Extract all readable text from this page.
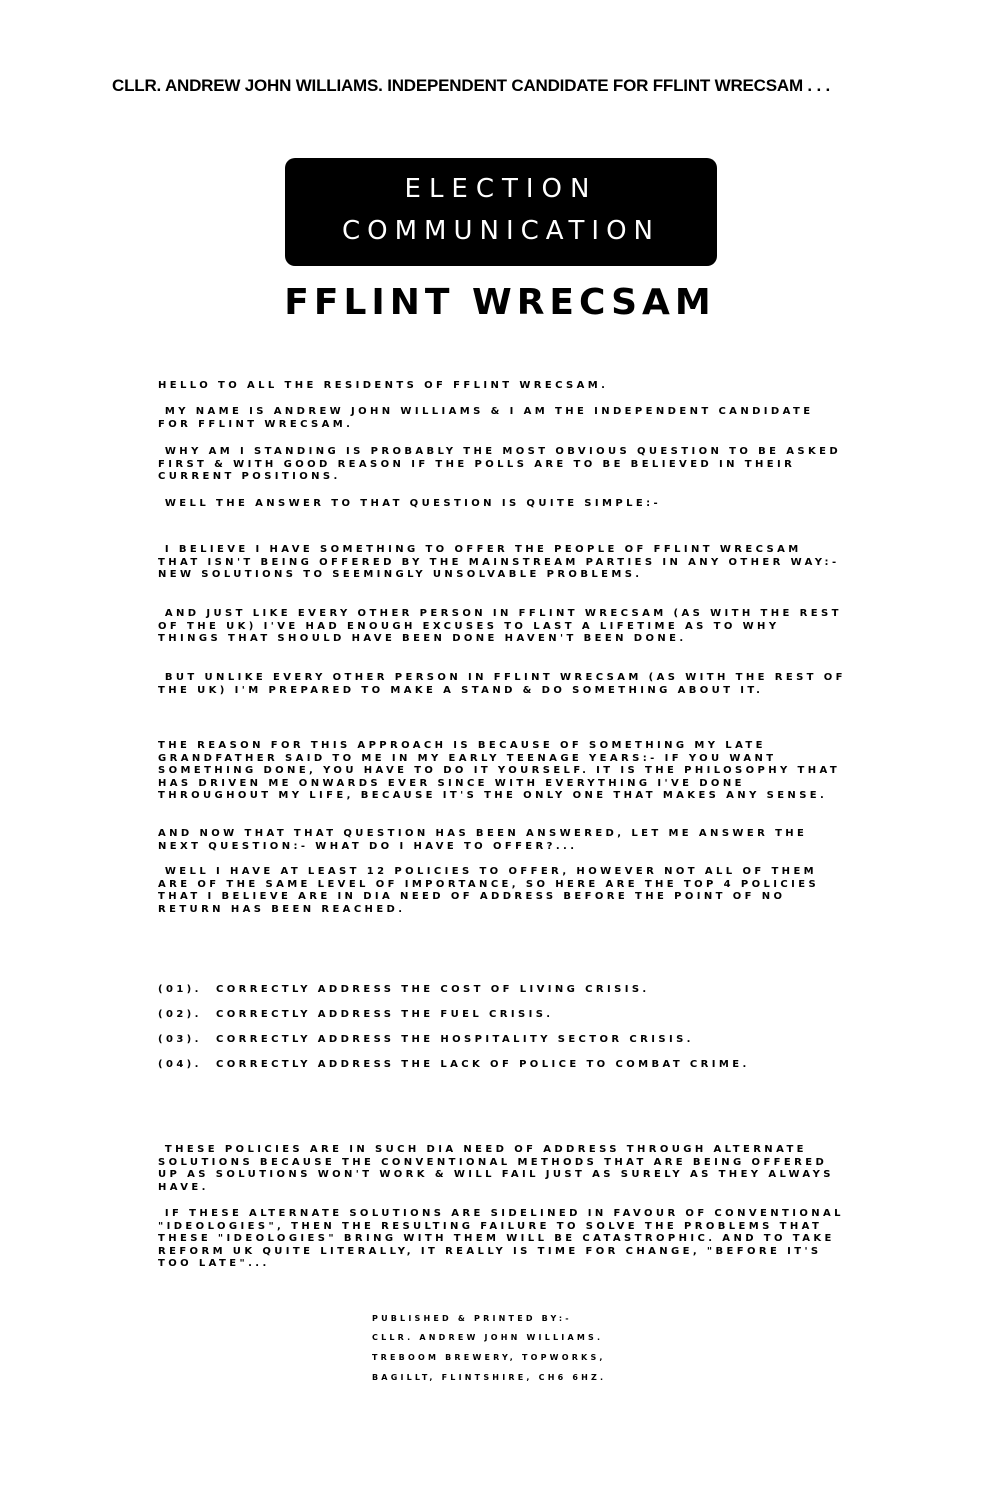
CLLR. ANDREW JOHN WILLIAMS. INDEPENDENT CANDIDATE FOR FFLINT WRECSAM . . .
ELECTION
COMMUNICATION
FFLINT WRECSAM
HELLO TO ALL THE RESIDENTS OF FFLINT WRECSAM.
MY NAME IS ANDREW JOHN WILLIAMS & I AM THE INDEPENDENT CANDIDATE FOR FFLINT WRECSAM.
WHY AM I STANDING IS PROBABLY THE MOST OBVIOUS QUESTION TO BE ASKED FIRST & WITH GOOD REASON IF THE POLLS ARE TO BE BELIEVED IN THEIR CURRENT POSITIONS.
WELL THE ANSWER TO THAT QUESTION IS QUITE SIMPLE:-
I BELIEVE I HAVE SOMETHING TO OFFER THE PEOPLE OF FFLINT WRECSAM THAT ISN'T BEING OFFERED BY THE MAINSTREAM PARTIES IN ANY OTHER WAY:- NEW SOLUTIONS TO SEEMINGLY UNSOLVABLE PROBLEMS.
AND JUST LIKE EVERY OTHER PERSON IN FFLINT WRECSAM (AS WITH THE REST OF THE UK) I'VE HAD ENOUGH EXCUSES TO LAST A LIFETIME AS TO WHY THINGS THAT SHOULD HAVE BEEN DONE HAVEN'T BEEN DONE.
BUT UNLIKE EVERY OTHER PERSON IN FFLINT WRECSAM (AS WITH THE REST OF THE UK) I'M PREPARED TO MAKE A STAND & DO SOMETHING ABOUT IT.
THE REASON FOR THIS APPROACH IS BECAUSE OF SOMETHING MY LATE GRANDFATHER SAID TO ME IN MY EARLY TEENAGE YEARS:- IF YOU WANT SOMETHING DONE, YOU HAVE TO DO IT YOURSELF. IT IS THE PHILOSOPHY THAT HAS DRIVEN ME ONWARDS EVER SINCE WITH EVERYTHING I'VE DONE THROUGHOUT MY LIFE, BECAUSE IT'S THE ONLY ONE THAT MAKES ANY SENSE.
AND NOW THAT THAT QUESTION HAS BEEN ANSWERED, LET ME ANSWER THE NEXT QUESTION:- WHAT DO I HAVE TO OFFER?...
WELL I HAVE AT LEAST 12 POLICIES TO OFFER, HOWEVER NOT ALL OF THEM ARE OF THE SAME LEVEL OF IMPORTANCE, SO HERE ARE THE TOP 4 POLICIES THAT I BELIEVE ARE IN DIA NEED OF ADDRESS BEFORE THE POINT OF NO RETURN HAS BEEN REACHED.
(01). CORRECTLY ADDRESS THE COST OF LIVING CRISIS.
(02). CORRECTLY ADDRESS THE FUEL CRISIS.
(03). CORRECTLY ADDRESS THE HOSPITALITY SECTOR CRISIS.
(04). CORRECTLY ADDRESS THE LACK OF POLICE TO COMBAT CRIME.
THESE POLICIES ARE IN SUCH DIA NEED OF ADDRESS THROUGH ALTERNATE SOLUTIONS BECAUSE THE CONVENTIONAL METHODS THAT ARE BEING OFFERED UP AS SOLUTIONS WON'T WORK & WILL FAIL JUST AS SURELY AS THEY ALWAYS HAVE.
IF THESE ALTERNATE SOLUTIONS ARE SIDELINED IN FAVOUR OF CONVENTIONAL "IDEOLOGIES", THEN THE RESULTING FAILURE TO SOLVE THE PROBLEMS THAT THESE "IDEOLOGIES" BRING WITH THEM WILL BE CATASTROPHIC. AND TO TAKE REFORM UK QUITE LITERALLY, IT REALLY IS TIME FOR CHANGE, "BEFORE IT'S TOO LATE"...
PUBLISHED & PRINTED BY:-
CLLR. ANDREW JOHN WILLIAMS.
TREBOOM BREWERY, TOPWORKS,
BAGILLT, FLINTSHIRE, CH6 6HZ.
